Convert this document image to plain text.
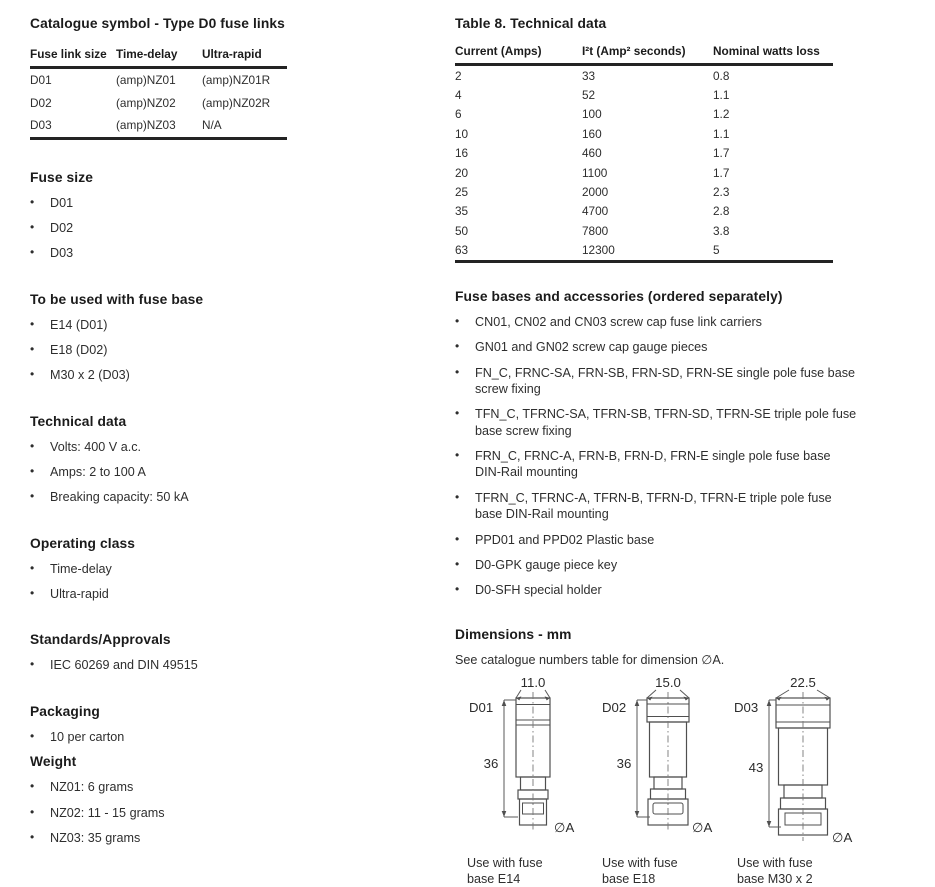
Catalogue symbol - Type D0 fuse links
Fuse link size	Time-delay	Ultra-rapid
D01	(amp)NZ01	(amp)NZ01R
D02	(amp)NZ02	(amp)NZ02R
D03	(amp)NZ03	N/A
Fuse size
•	D01
•	D02
•	D03
To be used with fuse base
•	E14 (D01)
•	E18 (D02)
•	M30 x 2 (D03)
Technical data
•	Volts: 400 V a.c.
•	Amps: 2 to 100 A
•	Breaking capacity: 50 kA
Operating class
•	Time-delay
•	Ultra-rapid
Standards/Approvals
•	IEC 60269 and DIN 49515
Packaging
•	10 per carton
Weight
•	NZ01: 6 grams
•	NZ02: 11 - 15 grams
•	NZ03: 35 grams
Table 8. Technical data
Current (Amps)	I²t (Amp² seconds)	Nominal watts loss
2	33	0.8
4	52	1.1
6	100	1.2
10	160	1.1
16	460	1.7
20	1100	1.7
25	2000	2.3
35	4700	2.8
50	7800	3.8
63	12300	5
Fuse bases and accessories (ordered separately)
•	CN01, CN02 and CN03 screw cap fuse link carriers
•	GN01 and GN02 screw cap gauge pieces
•	FN_C, FRNC-SA, FRN-SB, FRN-SD, FRN-SE single pole fuse base screw fixing
•	TFN_C, TFRNC-SA, TFRN-SB, TFRN-SD, TFRN-SE triple pole fuse base screw fixing
•	FRN_C, FRNC-A, FRN-B, FRN-D, FRN-E single pole fuse base DIN-Rail mounting
•	TFRN_C, TFRNC-A, TFRN-B, TFRN-D, TFRN-E triple pole fuse base DIN-Rail mounting
•	PPD01 and PPD02 Plastic base
•	D0-GPK gauge piece key
•	D0-SFH special holder
Dimensions - mm
See catalogue numbers table for dimension ∅A.
11.0
D01
36
∅A
Use with fuse base E14
15.0
D02
36
∅A
Use with fuse base E18
22.5
D03
43
∅A
Use with fuse base M30 x 2
